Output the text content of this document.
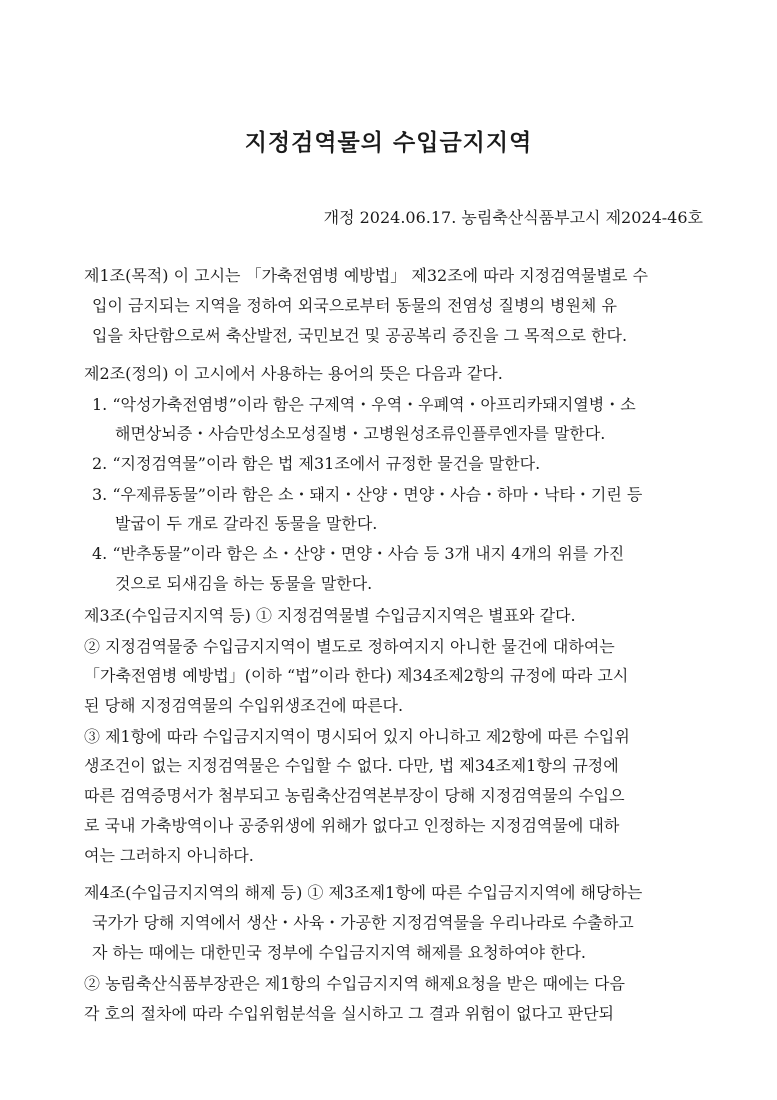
지정검역물의 수입금지지역
개정 2024.06.17. 농림축산식품부고시 제2024-46호
제1조(목적) 이 고시는 「가축전염병 예방법」 제32조에 따라 지정검역물별로 수
입이 금지되는 지역을 정하여 외국으로부터 동물의 전염성 질병의 병원체 유
입을 차단함으로써 축산발전, 국민보건 및 공공복리 증진을 그 목적으로 한다.
제2조(정의) 이 고시에서 사용하는 용어의 뜻은 다음과 같다.
1. “악성가축전염병”이라 함은 구제역・우역・우폐역・아프리카돼지열병・소
해면상뇌증・사슴만성소모성질병・고병원성조류인플루엔자를 말한다.
2. “지정검역물”이라 함은 법 제31조에서 규정한 물건을 말한다.
3. “우제류동물”이라 함은 소・돼지・산양・면양・사슴・하마・낙타・기린 등
발굽이 두 개로 갈라진 동물을 말한다.
4. “반추동물”이라 함은 소・산양・면양・사슴 등 3개 내지 4개의 위를 가진
것으로 되새김을 하는 동물을 말한다.
제3조(수입금지지역 등) ① 지정검역물별 수입금지지역은 별표와 같다.
② 지정검역물중 수입금지지역이 별도로 정하여지지 아니한 물건에 대하여는
「가축전염병 예방법」(이하 “법”이라 한다) 제34조제2항의 규정에 따라 고시
된 당해 지정검역물의 수입위생조건에 따른다.
③ 제1항에 따라 수입금지지역이 명시되어 있지 아니하고 제2항에 따른 수입위
생조건이 없는 지정검역물은 수입할 수 없다. 다만, 법 제34조제1항의 규정에
따른 검역증명서가 첨부되고 농림축산검역본부장이 당해 지정검역물의 수입으
로 국내 가축방역이나 공중위생에 위해가 없다고 인정하는 지정검역물에 대하
여는 그러하지 아니하다.
제4조(수입금지지역의 해제 등) ① 제3조제1항에 따른 수입금지지역에 해당하는
국가가 당해 지역에서 생산・사육・가공한 지정검역물을 우리나라로 수출하고
자 하는 때에는 대한민국 정부에 수입금지지역 해제를 요청하여야 한다.
② 농림축산식품부장관은 제1항의 수입금지지역 해제요청을 받은 때에는 다음
각 호의 절차에 따라 수입위험분석을 실시하고 그 결과 위험이 없다고 판단되
